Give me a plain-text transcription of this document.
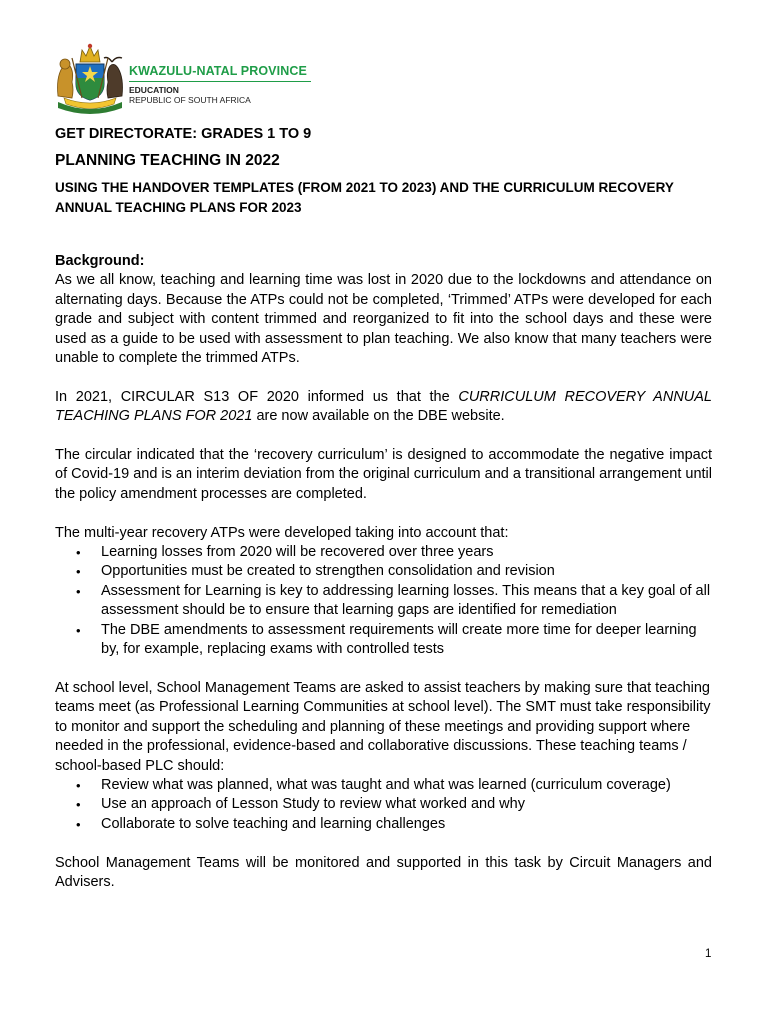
KWAZULU-NATAL PROVINCE
EDUCATION
REPUBLIC OF SOUTH AFRICA
GET DIRECTORATE: GRADES 1 TO 9
PLANNING TEACHING IN 2022
USING THE HANDOVER TEMPLATES (FROM 2021 TO 2023) AND THE CURRICULUM RECOVERY ANNUAL TEACHING PLANS FOR 2023

Background:
As we all know, teaching and learning time was lost in 2020 due to the lockdowns and attendance on alternating days. Because the ATPs could not be completed, ‘Trimmed’ ATPs were developed for each grade and subject with content trimmed and reorganized to fit into the school days and these were used as a guide to be used with assessment to plan teaching. We also know that many teachers were unable to complete the trimmed ATPs.

In 2021, CIRCULAR S13 OF 2020 informed us that the CURRICULUM RECOVERY ANNUAL TEACHING PLANS FOR 2021 are now available on the DBE website.

The circular indicated that the ‘recovery curriculum’ is designed to accommodate the negative impact of Covid-19 and is an interim deviation from the original curriculum and a transitional arrangement until the policy amendment processes are completed.

The multi-year recovery ATPs were developed taking into account that:
• Learning losses from 2020 will be recovered over three years
• Opportunities must be created to strengthen consolidation and revision
• Assessment for Learning is key to addressing learning losses. This means that a key goal of all assessment should be to ensure that learning gaps are identified for remediation
• The DBE amendments to assessment requirements will create more time for deeper learning by, for example, replacing exams with controlled tests
At school level, School Management Teams are asked to assist teachers by making sure that teaching teams meet (as Professional Learning Communities at school level). The SMT must take responsibility to monitor and support the scheduling and planning of these meetings and providing support where needed in the professional, evidence-based and collaborative discussions. These teaching teams / school-based PLC should:
• Review what was planned, what was taught and what was learned (curriculum coverage)
• Use an approach of Lesson Study to review what worked and why
• Collaborate to solve teaching and learning challenges

School Management Teams will be monitored and supported in this task by Circuit Managers and Advisers.

1
